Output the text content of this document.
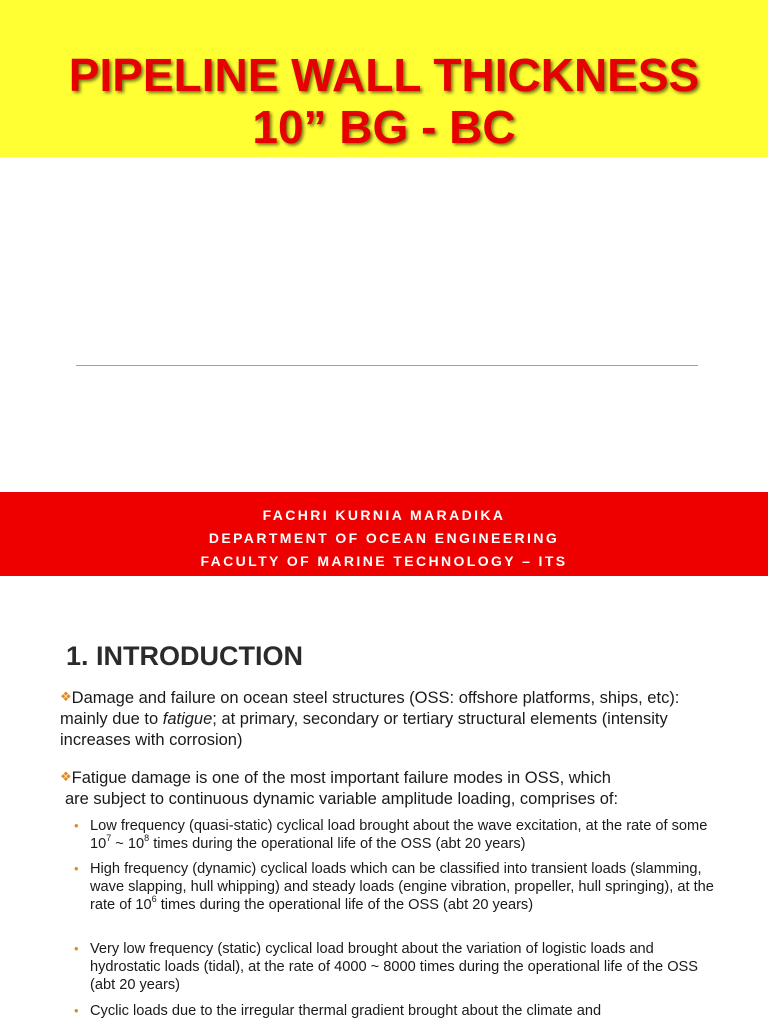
PIPELINE WALL THICKNESS
10” BG - BC
FACHRI KURNIA MARADIKA
DEPARTMENT OF OCEAN ENGINEERING
FACULTY OF MARINE TECHNOLOGY – ITS
1. INTRODUCTION
❖Damage and failure on ocean steel structures (OSS: offshore platforms, ships, etc): mainly due to fatigue; at primary, secondary or tertiary structural elements (intensity increases with corrosion)
❖Fatigue damage is one of the most important failure modes in OSS, which
are subject to continuous dynamic variable amplitude loading, comprises of:
• Low frequency (quasi-static) cyclical load brought about the wave excitation, at the rate of some $10^7$ ~ $10^8$ times during the operational life of the OSS (abt 20 years)
• High frequency (dynamic) cyclical loads which can be classified into transient loads (slamming, wave slapping, hull whipping) and steady loads (engine vibration, propeller, hull springing), at the rate of $10^6$ times during the operational life of the OSS (abt 20 years)
• Very low frequency (static) cyclical load brought about the variation of logistic loads and hydrostatic loads (tidal), at the rate of 4000 ~ 8000 times during the operational life of the OSS (abt 20 years)
• Cyclic loads due to the irregular thermal gradient brought about the climate and
